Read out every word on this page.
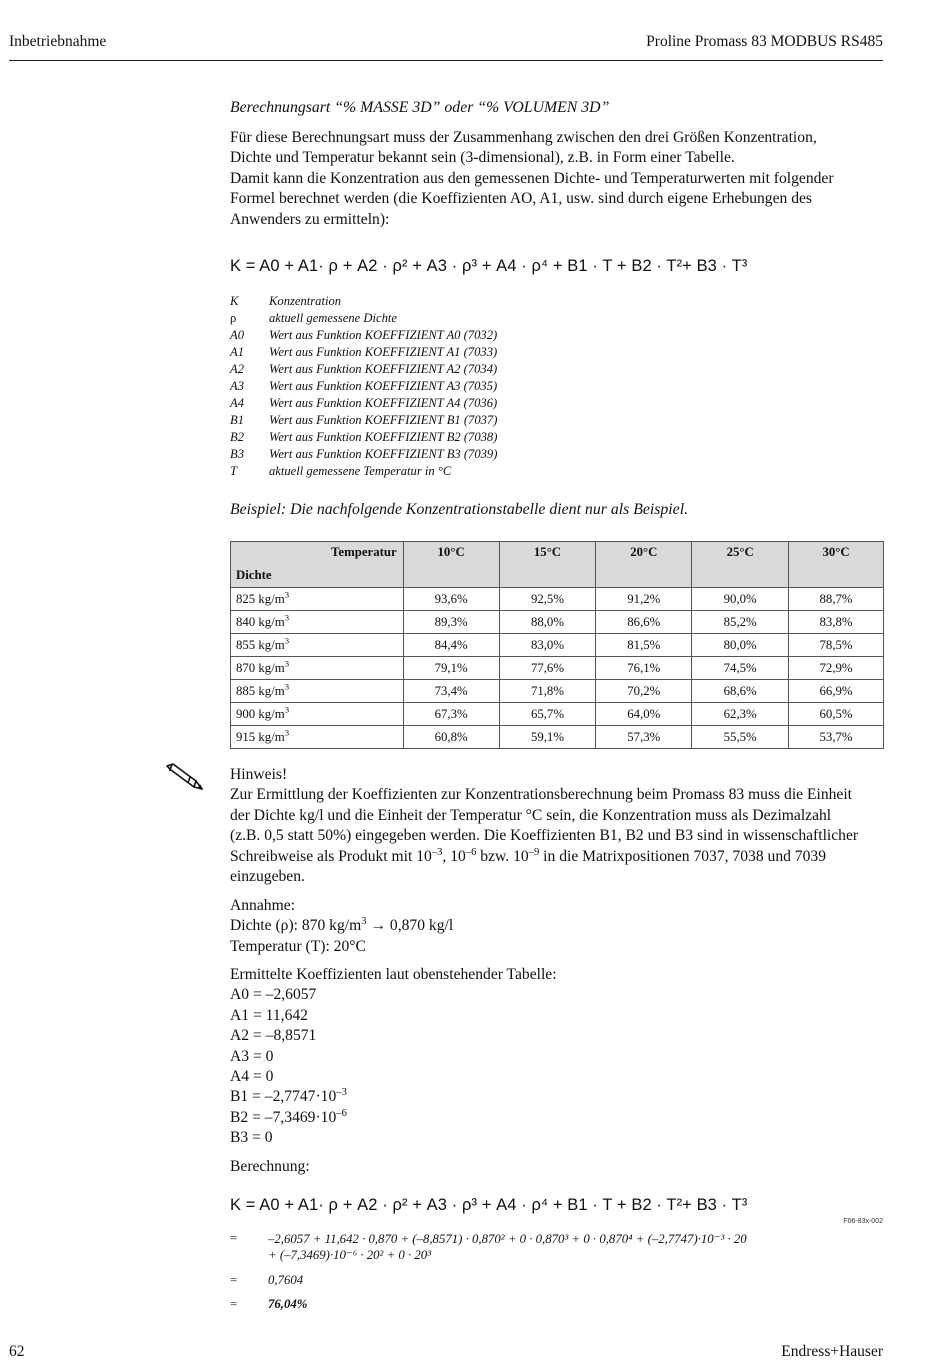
Inbetriebnahme	Proline Promass 83 MODBUS RS485
Berechnungsart “% MASSE 3D” oder “% VOLUMEN 3D”
Für diese Berechnungsart muss der Zusammenhang zwischen den drei Größen Konzentration,
Dichte und Temperatur bekannt sein (3-dimensional), z.B. in Form einer Tabelle.
Damit kann die Konzentration aus den gemessenen Dichte- und Temperaturwerten mit folgender
Formel berechnet werden (die Koeffizienten AO, A1, usw. sind durch eigene Erhebungen des
Anwenders zu ermitteln):
K = A0 + A1· ρ + A2 · ρ² + A3 · ρ³ + A4 · ρ⁴ + B1 · T + B2 · T²+ B3 · T³
K	Konzentration
ρ	aktuell gemessene Dichte
A0	Wert aus Funktion KOEFFIZIENT A0 (7032)
A1	Wert aus Funktion KOEFFIZIENT A1 (7033)
A2	Wert aus Funktion KOEFFIZIENT A2 (7034)
A3	Wert aus Funktion KOEFFIZIENT A3 (7035)
A4	Wert aus Funktion KOEFFIZIENT A4 (7036)
B1	Wert aus Funktion KOEFFIZIENT B1 (7037)
B2	Wert aus Funktion KOEFFIZIENT B2 (7038)
B3	Wert aus Funktion KOEFFIZIENT B3 (7039)
T	aktuell gemessene Temperatur in °C
Beispiel: Die nachfolgende Konzentrationstabelle dient nur als Beispiel.
Temperatur
Dichte	10°C	15°C	20°C	25°C	30°C
825 $kg/m^3$	93,6%	92,5%	91,2%	90,0%	88,7%
840 $kg/m^3$	89,3%	88,0%	86,6%	85,2%	83,8%
855 $kg/m^3$	84,4%	83,0%	81,5%	80,0%	78,5%
870 $kg/m^3$	79,1%	77,6%	76,1%	74,5%	72,9%
885 $kg/m^3$	73,4%	71,8%	70,2%	68,6%	66,9%
900 $kg/m^3$	67,3%	65,7%	64,0%	62,3%	60,5%
915 $kg/m^3$	60,8%	59,1%	57,3%	55,5%	53,7%
Hinweis!
Zur Ermittlung der Koeffizienten zur Konzentrationsberechnung beim Promass 83 muss die Einheit
der Dichte kg/l und die Einheit der Temperatur °C sein, die Konzentration muss als Dezimalzahl
(z.B. 0,5 statt 50%) eingegeben werden. Die Koeffizienten B1, B2 und B3 sind in wissenschaftlicher
Schreibweise als Produkt mit $10^{-3}$, $10^{-6}$ bzw. $10^{-9}$ in die Matrixpositionen 7037, 7038 und 7039
einzugeben.
Annahme:
Dichte (ρ): 870 $kg/m^3 \to 0,870$ kg/l
Temperatur (T): 20°C
Ermittelte Koeffizienten laut obenstehender Tabelle:
A0 = –2,6057
A1 = 11,642
A2 = –8,8571
A3 = 0
A4 = 0
$B1 = -2,7747\cdot 10^{-3}$
$B2 = -7,3469\cdot 10^{-6}$
B3 = 0
Berechnung:
K = A0 + A1· ρ + A2 · ρ² + A3 · ρ³ + A4 · ρ⁴ + B1 · T + B2 · T²+ B3 · T³
F06-83x-002
= –2,6057 + 11,642 · 0,870 + (–8,8571) · 0,870² + 0 · 0,870³ + 0 · 0,870⁴ + (–2,7747)·10⁻³ · 20
+ (–7,3469)·10⁻⁶ · 20² + 0 · 20³
= 0,7604
= 76,04%
62	Endress+Hauser
